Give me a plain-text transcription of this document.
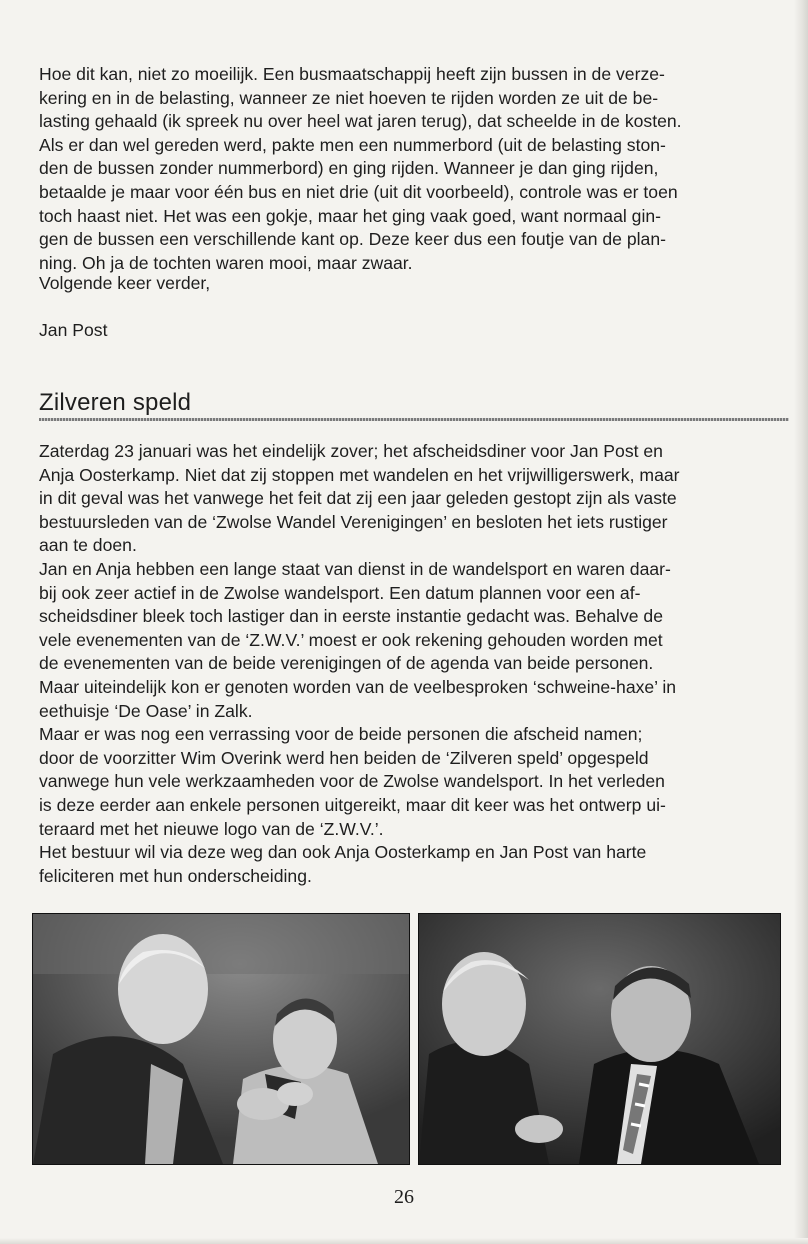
Hoe dit kan, niet zo moeilijk. Een busmaatschappij heeft zijn bussen in de verze-
kering en in de belasting, wanneer ze niet hoeven te rijden worden ze uit de be-
lasting gehaald (ik spreek nu over heel wat jaren terug), dat scheelde in de kosten.
Als er dan wel gereden werd, pakte men een nummerbord (uit de belasting ston-
den de bussen zonder nummerbord) en ging rijden. Wanneer je dan ging rijden,
betaalde je maar voor één bus en niet drie (uit dit voorbeeld), controle was er toen
toch haast niet. Het was een gokje, maar het ging vaak goed, want normaal gin-
gen de bussen een verschillende kant op. Deze keer dus een foutje van de plan-
ning. Oh ja de tochten waren mooi, maar zwaar.
Volgende keer verder,
Jan Post
Zilveren speld
Zaterdag 23 januari was het eindelijk zover; het afscheidsdiner voor Jan Post en
Anja Oosterkamp. Niet dat zij stoppen met wandelen en het vrijwilligerswerk, maar
in dit geval was het vanwege het feit dat zij een jaar geleden gestopt zijn als vaste
bestuursleden van de ‘Zwolse Wandel Verenigingen’ en besloten het iets rustiger
aan te doen.
Jan en Anja hebben een lange staat van dienst in de wandelsport en waren daar-
bij ook zeer actief in de Zwolse wandelsport. Een datum plannen voor een af-
scheidsdiner bleek toch lastiger dan in eerste instantie gedacht was. Behalve de
vele evenementen van de ‘Z.W.V.’ moest er ook rekening gehouden worden met
de evenementen van de beide verenigingen of de agenda van beide personen.
Maar uiteindelijk kon er genoten worden van de veelbesproken ‘schweine-haxe’ in
eethuisje ‘De Oase’ in Zalk.
Maar er was nog een verrassing voor de beide personen die afscheid namen;
door de voorzitter Wim Overink werd hen beiden de ‘Zilveren speld’ opgespeld
vanwege hun vele werkzaamheden voor de Zwolse wandelsport. In het verleden
is deze eerder aan enkele personen uitgereikt, maar dit keer was het ontwerp ui-
teraard met het nieuwe logo van de ‘Z.W.V.’.
Het bestuur wil via deze weg dan ook Anja Oosterkamp en Jan Post van harte
feliciteren met hun onderscheiding.

26
